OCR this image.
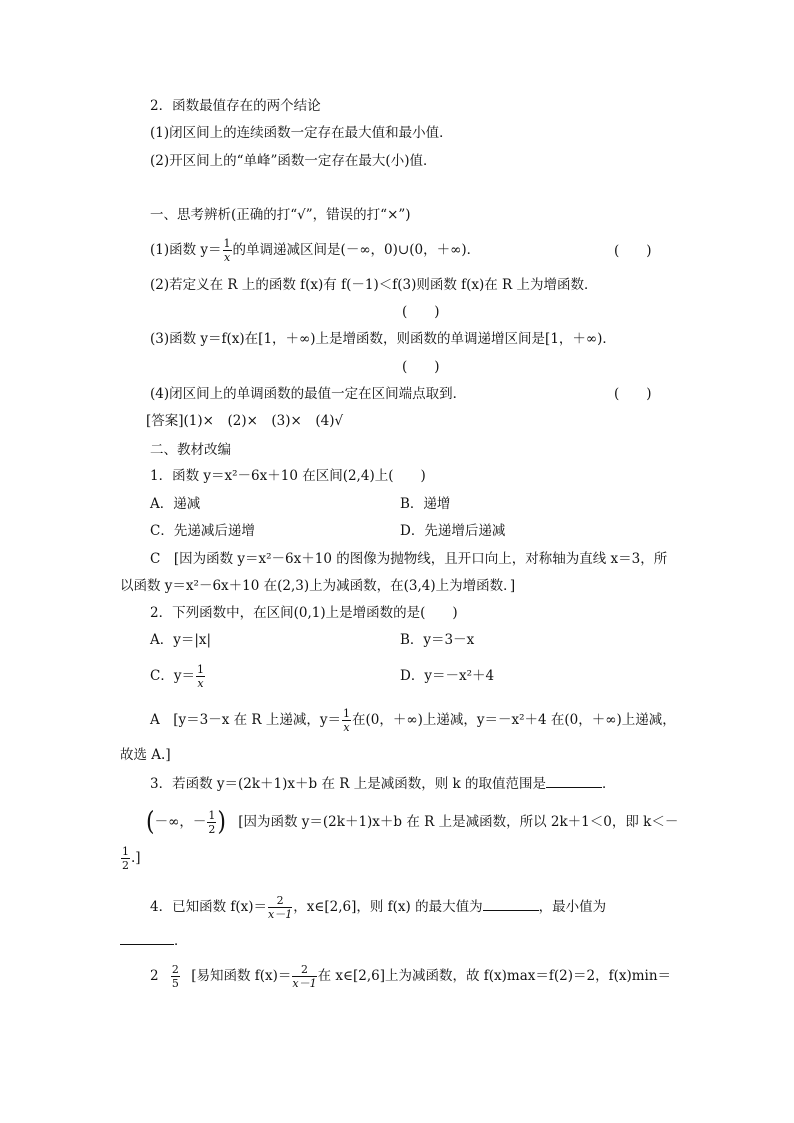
2．函数最值存在的两个结论
(1)闭区间上的连续函数一定存在最大值和最小值．
(2)开区间上的“单峰”函数一定存在最大(小)值．
一、思考辨析(正确的打“√”，错误的打“×”)
(1)函数 $y= \frac{1}{x}$ 的单调递减区间是(－∞，0)∪(0，＋∞)．	(　　)
(2)若定义在 R 上的函数 f(x)有 f(－1)＜f(3)则函数 f(x)在 R 上为增函数．
(　　)
(3)函数 y＝f(x)在[1，＋∞)上是增函数，则函数的单调递增区间是[1，＋∞)．
(　　)
(4)闭区间上的单调函数的最值一定在区间端点取到．	(　　)
[答案](1)×　(2)×　(3)×　(4)√
二、教材改编
1．函数 y＝x²－6x＋10 在区间(2,4)上(　　)
A．递减	B．递增
C．先递减后递增	D．先递增后递减
C　[因为函数 y＝x²－6x＋10 的图像为抛物线，且开口向上，对称轴为直线 x＝3，所
以函数 y＝x²－6x＋10 在(2,3)上为减函数，在(3,4)上为增函数．]
2．下列函数中，在区间(0,1)上是增函数的是(　　)
A．y＝|x|	B．y＝3－x
C．$y= \frac{1}{x}$	D．y＝－x²＋4
A　[y＝3－x 在 R 上递减，$y= \frac{1}{x}$ 在(0，＋∞)上递减，y＝－x²＋4 在(0，＋∞)上递减，
故选 A.]
3．若函数 y＝(2k＋1)x＋b 在 R 上是减函数，则 k 的取值范围是	．
(－∞，－ $\frac{1}{2}$ ) [因为函数 y＝(2k＋1)x＋b 在 R 上是减函数，所以 2k＋1＜0，即 k＜－
$\frac{1}{2}$ .]
4．已知函数 $f(x)= \frac{2}{x-1}$ ，x∈[2,6]，则 f(x) 的最大值为	，最小值为
．
$2 \frac{2}{5}$ [易知函数 $f(x)= \frac{2}{x-1}$ 在 x∈[2,6]上为减函数，故 f(x)max＝f(2)＝2，f(x)min＝
